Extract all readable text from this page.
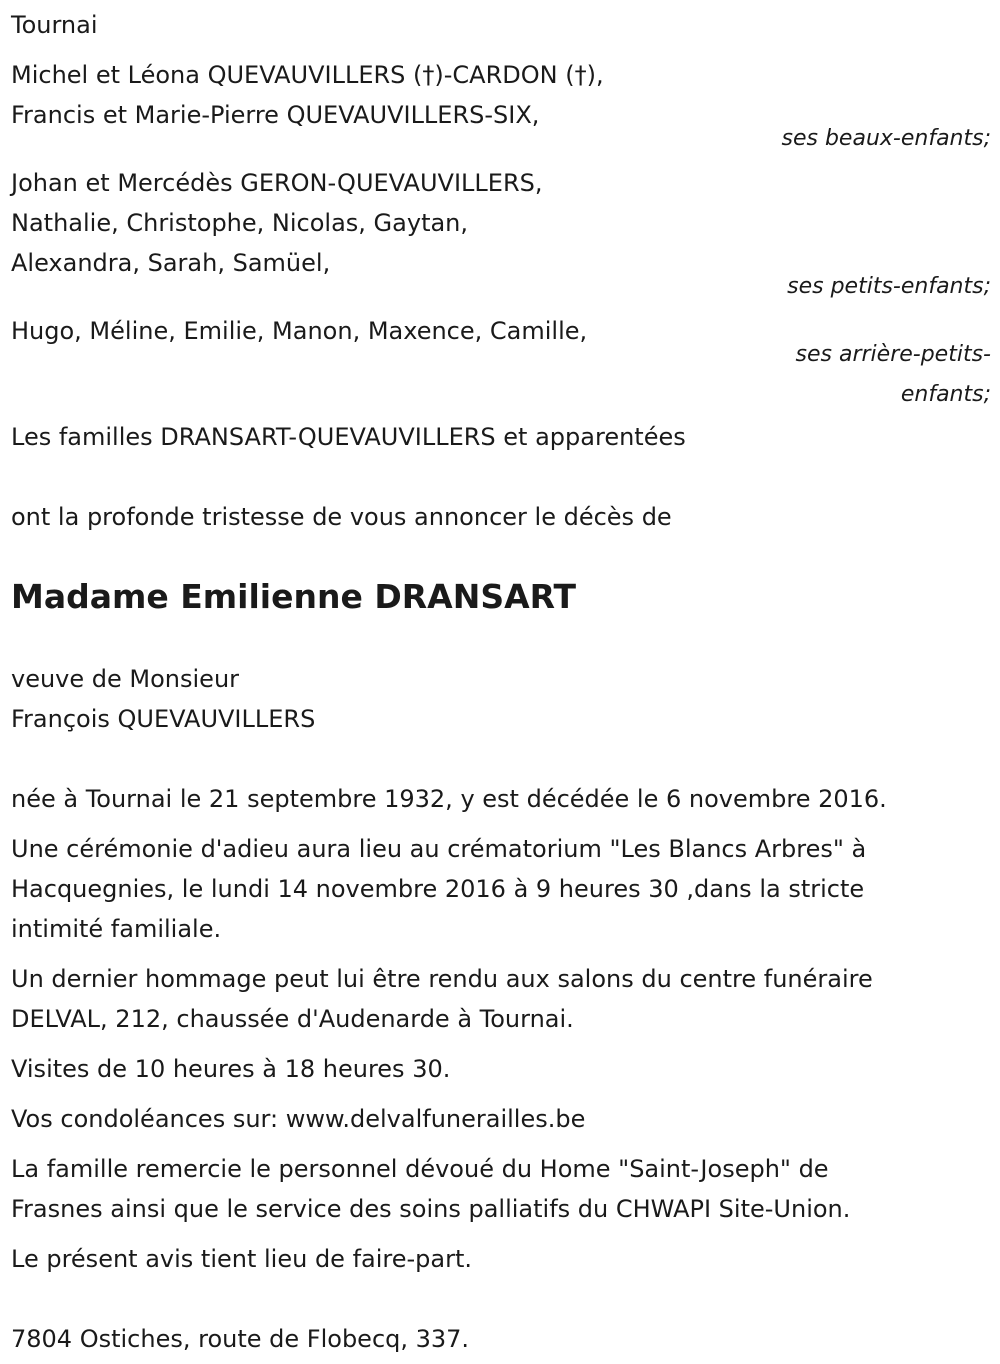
Tournai
Michel et Léona QUEVAUVILLERS (†)-CARDON (†),
Francis et Marie-Pierre QUEVAUVILLERS-SIX,
ses beaux-enfants;
Johan et Mercédès GERON-QUEVAUVILLERS,
Nathalie, Christophe, Nicolas, Gaytan,
Alexandra, Sarah, Samüel,
ses petits-enfants;
Hugo, Méline, Emilie, Manon, Maxence, Camille,
ses arrière-petits-
enfants;
Les familles DRANSART-QUEVAUVILLERS et apparentées
ont la profonde tristesse de vous annoncer le décès de
Madame Emilienne DRANSART
veuve de Monsieur
François QUEVAUVILLERS
née à Tournai le 21 septembre 1932, y est décédée le 6 novembre 2016.
Une cérémonie d'adieu aura lieu au crématorium "Les Blancs Arbres" à
Hacquegnies, le lundi 14 novembre 2016 à 9 heures 30 ,dans la stricte
intimité familiale.
Un dernier hommage peut lui être rendu aux salons du centre funéraire
DELVAL, 212, chaussée d'Audenarde à Tournai.
Visites de 10 heures à 18 heures 30.
Vos condoléances sur: www.delvalfunerailles.be
La famille remercie le personnel dévoué du Home "Saint-Joseph" de
Frasnes ainsi que le service des soins palliatifs du CHWAPI Site-Union.
Le présent avis tient lieu de faire-part.
7804 Ostiches, route de Flobecq, 337.
